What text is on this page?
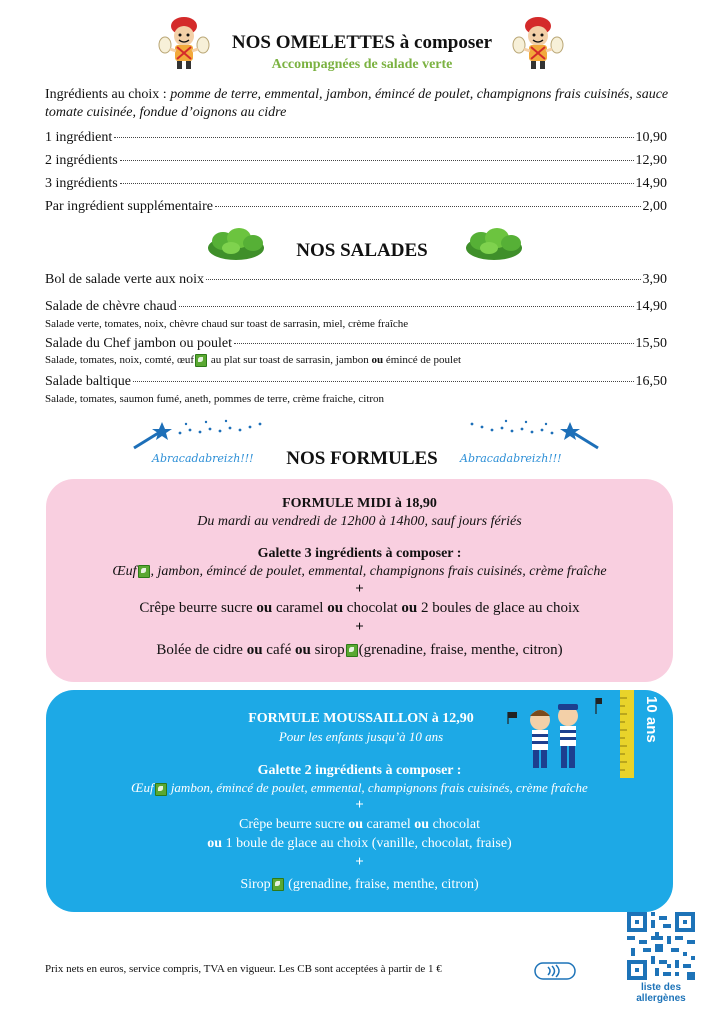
NOS OMELETTES à composer
Accompagnées de salade verte
Ingrédients au choix : pomme de terre, emmental, jambon, émincé de poulet, champignons frais cuisinés, sauce tomate cuisinée, fondue d’oignons au cidre
1 ingrédient	10,90
2 ingrédients	12,90
3 ingrédients	14,90
Par ingrédient supplémentaire	2,00
NOS SALADES
Bol de salade verte aux noix	3,90
Salade de chèvre chaud	14,90
Salade verte, tomates, noix, chèvre chaud sur toast de sarrasin, miel, crème fraîche
Salade du Chef jambon ou poulet	15,50
Salade, tomates, noix, comté, œuf au plat sur toast de sarrasin, jambon ou émincé de poulet
Salade baltique	16,50
Salade, tomates, saumon fumé, aneth, pommes de terre, crème fraiche, citron
Abracadabreizh!!!	NOS FORMULES	Abracadabreizh!!!
FORMULE MIDI à 18,90
Du mardi au vendredi de 12h00 à 14h00, sauf jours fériés
Galette 3 ingrédients à composer :
Œuf , jambon, émincé de poulet, emmental, champignons frais cuisinés, crème fraîche
+
Crêpe beurre sucre ou caramel ou chocolat ou 2 boules de glace au choix
+
Bolée de cidre ou café ou sirop (grenadine, fraise, menthe, citron)
FORMULE MOUSSAILLON à 12,90
Pour les enfants jusqu’à 10 ans	10 ans
Galette 2 ingrédients à composer :
Œuf jambon, émincé de poulet, emmental, champignons frais cuisinés, crème fraîche
+
Crêpe beurre sucre ou caramel ou chocolat
ou 1 boule de glace au choix (vanille, chocolat, fraise)
+
Sirop (grenadine, fraise, menthe, citron)
Prix nets en euros, service compris, TVA en vigueur. Les CB sont acceptées à partir de 1 €
liste des
allergènes
